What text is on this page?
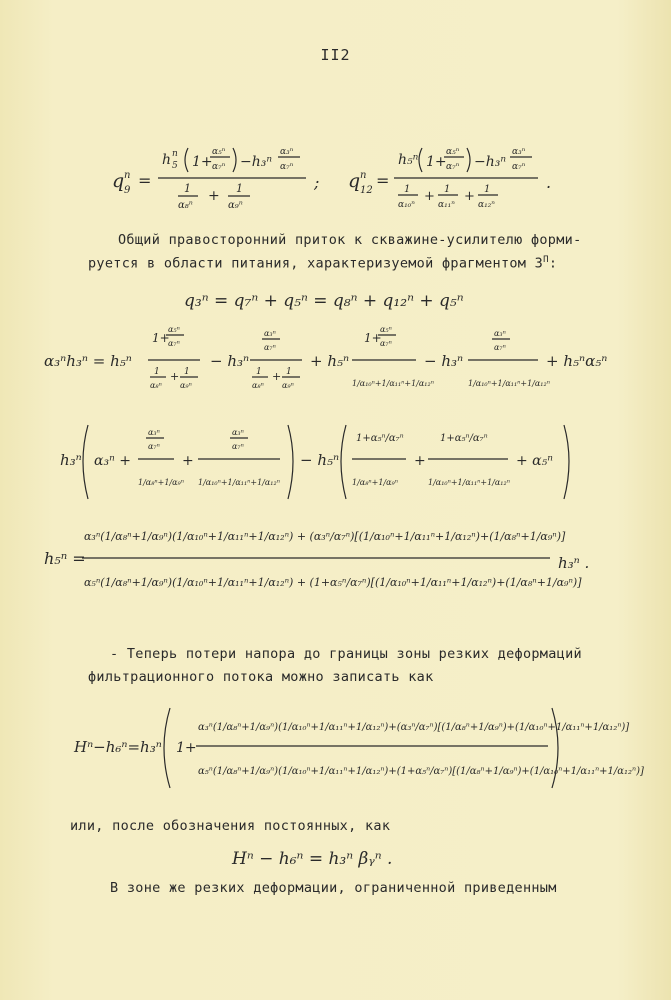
II2
q n
9
=
h n
5 1+
α₅ⁿ
α₇ⁿ −h₃ⁿ
α₃ⁿ
α₇ⁿ
1
α₈ⁿ
+ 1
α₉ⁿ
; q n
12
=
h₅ⁿ 1+
α₅ⁿ
α₇ⁿ −h₃ⁿ
α₃ⁿ
α₇ⁿ
1
α₁₀ⁿ
+ 1
α₁₁ⁿ
+ 1
α₁₂ⁿ
.
Общий правосторонний приток к скважине-усилителю форми-
руется в области питания, характеризуемой фрагментом $3^П$:
q₃ⁿ = q₇ⁿ + q₅ⁿ = q₈ⁿ + q₁₂ⁿ + q₅ⁿ
α₃ⁿh₃ⁿ = h₅ⁿ
1+
α₅ⁿ
α₇ⁿ
1
α₈ⁿ
+ 1
α₉ⁿ
− h₃ⁿ
α₃ⁿ
α₇ⁿ
1
α₈ⁿ
+ 1
α₉ⁿ
+ h₅ⁿ
1+
α₅ⁿ
α₇ⁿ
1/α₁₀ⁿ+1/α₁₁ⁿ+1/α₁₂ⁿ
− h₃ⁿ
α₃ⁿ
α₇ⁿ
1/α₁₀ⁿ+1/α₁₁ⁿ+1/α₁₂ⁿ
+ h₅ⁿα₅ⁿ
h₃ⁿ α₃ⁿ +
α₃ⁿ
α₇ⁿ
1/α₈ⁿ+1/α₉ⁿ
+
α₃ⁿ
α₇ⁿ
1/α₁₀ⁿ+1/α₁₁ⁿ+1/α₁₂ⁿ
− h₅ⁿ
1+α₅ⁿ/α₇ⁿ
1/α₈ⁿ+1/α₉ⁿ
+
1+α₅ⁿ/α₇ⁿ
1/α₁₀ⁿ+1/α₁₁ⁿ+1/α₁₂ⁿ
+ α₅ⁿ
h₅ⁿ =
α₃ⁿ(1/α₈ⁿ+1/α₉ⁿ)(1/α₁₀ⁿ+1/α₁₁ⁿ+1/α₁₂ⁿ) + (α₃ⁿ/α₇ⁿ)[(1/α₁₀ⁿ+1/α₁₁ⁿ+1/α₁₂ⁿ)+(1/α₈ⁿ+1/α₉ⁿ)]
α₅ⁿ(1/α₈ⁿ+1/α₉ⁿ)(1/α₁₀ⁿ+1/α₁₁ⁿ+1/α₁₂ⁿ) + (1+α₅ⁿ/α₇ⁿ)[(1/α₁₀ⁿ+1/α₁₁ⁿ+1/α₁₂ⁿ)+(1/α₈ⁿ+1/α₉ⁿ)]
h₃ⁿ .
- Теперь потери напора до границы зоны резких деформаций
фильтрационного потока можно записать как
Hⁿ−h₆ⁿ=h₃ⁿ 1+
α₃ⁿ(1/α₈ⁿ+1/α₉ⁿ)(1/α₁₀ⁿ+1/α₁₁ⁿ+1/α₁₂ⁿ)+(α₃ⁿ/α₇ⁿ)[(1/α₈ⁿ+1/α₉ⁿ)+(1/α₁₀ⁿ+1/α₁₁ⁿ+1/α₁₂ⁿ)]
α₅ⁿ(1/α₈ⁿ+1/α₉ⁿ)(1/α₁₀ⁿ+1/α₁₁ⁿ+1/α₁₂ⁿ)+(1+α₅ⁿ/α₇ⁿ)[(1/α₈ⁿ+1/α₉ⁿ)+(1/α₁₀ⁿ+1/α₁₁ⁿ+1/α₁₂ⁿ)]
или, после обозначения постоянных, как
Hⁿ − h₆ⁿ = h₃ⁿ βᵧⁿ .
В зоне же резких деформации, ограниченной приведенным
